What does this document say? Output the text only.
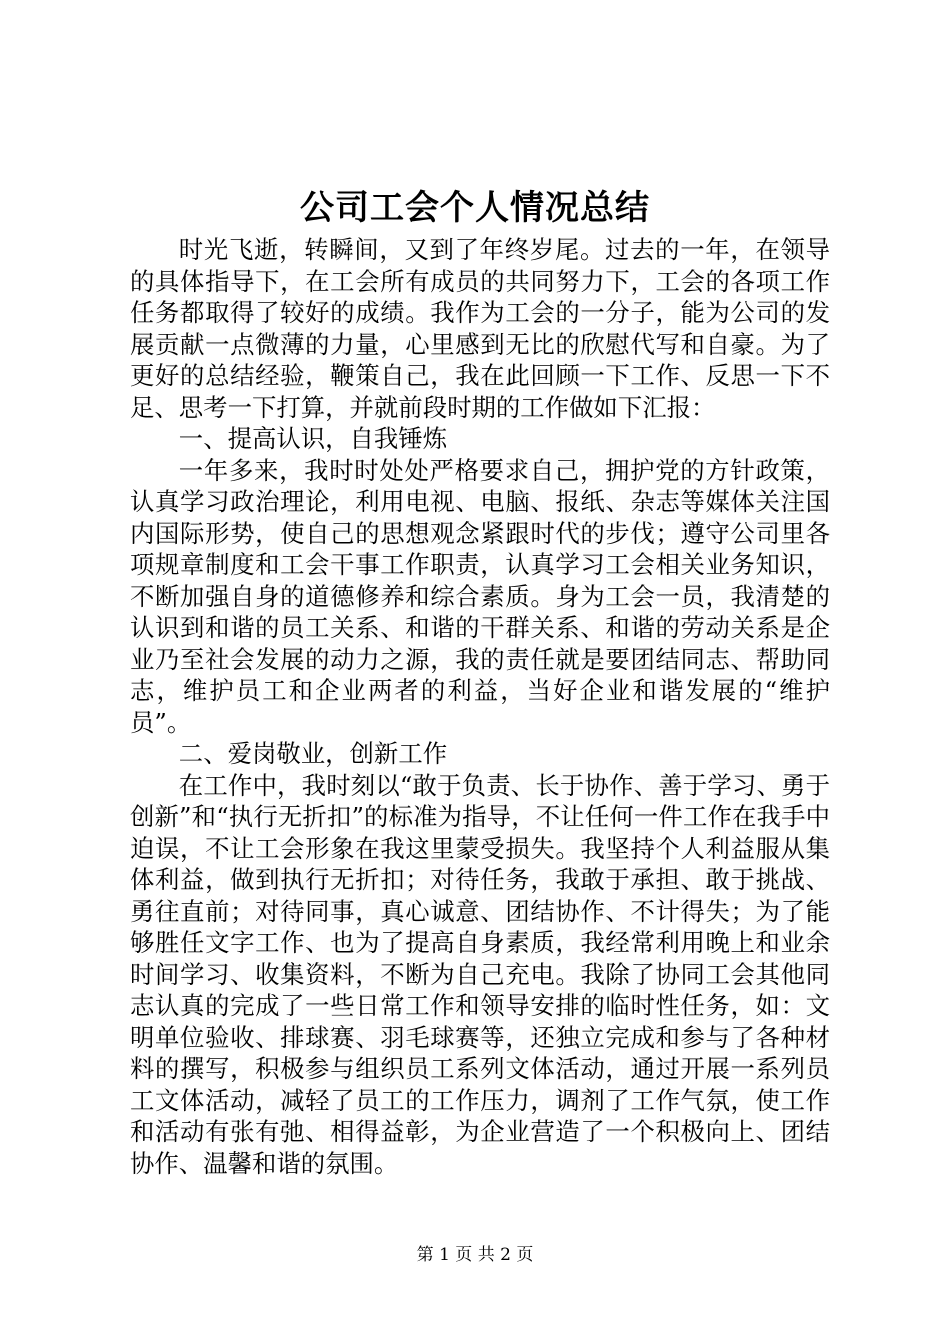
公司工会个人情况总结

时光飞逝，转瞬间，又到了年终岁尾。过去的一年，在领导的具体指导下，在工会所有成员的共同努力下，工会的各项工作任务都取得了较好的成绩。我作为工会的一分子，能为公司的发展贡献一点微薄的力量，心里感到无比的欣慰代写和自豪。为了更好的总结经验，鞭策自己，我在此回顾一下工作、反思一下不足、思考一下打算，并就前段时期的工作做如下汇报：

一、提高认识，自我锤炼

一年多来，我时时处处严格要求自己，拥护党的方针政策，认真学习政治理论，利用电视、电脑、报纸、杂志等媒体关注国内国际形势，使自己的思想观念紧跟时代的步伐；遵守公司里各项规章制度和工会干事工作职责，认真学习工会相关业务知识，不断加强自身的道德修养和综合素质。身为工会一员，我清楚的认识到和谐的员工关系、和谐的干群关系、和谐的劳动关系是企业乃至社会发展的动力之源，我的责任就是要团结同志、帮助同志，维护员工和企业两者的利益，当好企业和谐发展的“维护员”。

二、爱岗敬业，创新工作

在工作中，我时刻以“敢于负责、长于协作、善于学习、勇于创新”和“执行无折扣”的标准为指导，不让任何一件工作在我手中迫误，不让工会形象在我这里蒙受损失。我坚持个人利益服从集体利益，做到执行无折扣；对待任务，我敢于承担、敢于挑战、勇往直前；对待同事，真心诚意、团结协作、不计得失；为了能够胜任文字工作、也为了提高自身素质，我经常利用晚上和业余时间学习、收集资料，不断为自己充电。我除了协同工会其他同志认真的完成了一些日常工作和领导安排的临时性任务，如：文明单位验收、排球赛、羽毛球赛等，还独立完成和参与了各种材料的撰写，积极参与组织员工系列文体活动，通过开展一系列员工文体活动，减轻了员工的工作压力，调剂了工作气氛，使工作和活动有张有弛、相得益彰，为企业营造了一个积极向上、团结协作、温馨和谐的氛围。

第 1 页 共 2 页
